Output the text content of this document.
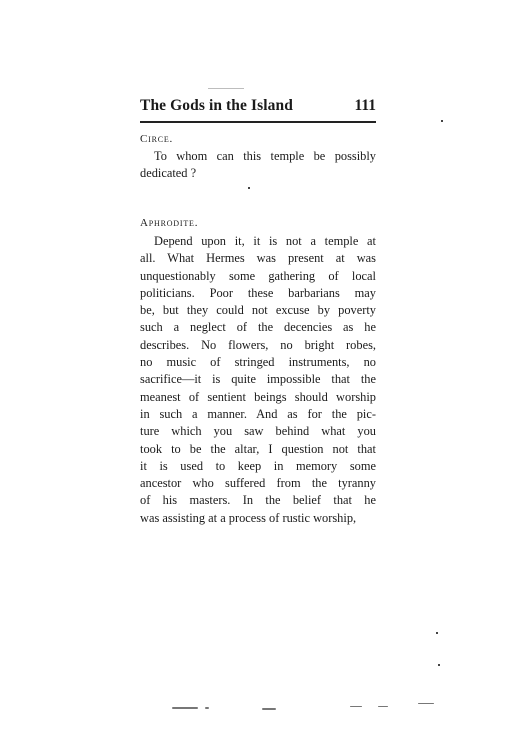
The Gods in the Island	111
Circe.
To whom can this temple be possibly
dedicated ?
Aphrodite.
Depend upon it, it is not a temple at
all. What Hermes was present at was
unquestionably some gathering of local
politicians. Poor these barbarians may
be, but they could not excuse by poverty
such a neglect of the decencies as he
describes. No flowers, no bright robes,
no music of stringed instruments, no
sacrifice—it is quite impossible that the
meanest of sentient beings should worship
in such a manner. And as for the pic-
ture which you saw behind what you
took to be the altar, I question not that
it is used to keep in memory some
ancestor who suffered from the tyranny
of his masters. In the belief that he
was assisting at a process of rustic worship,
